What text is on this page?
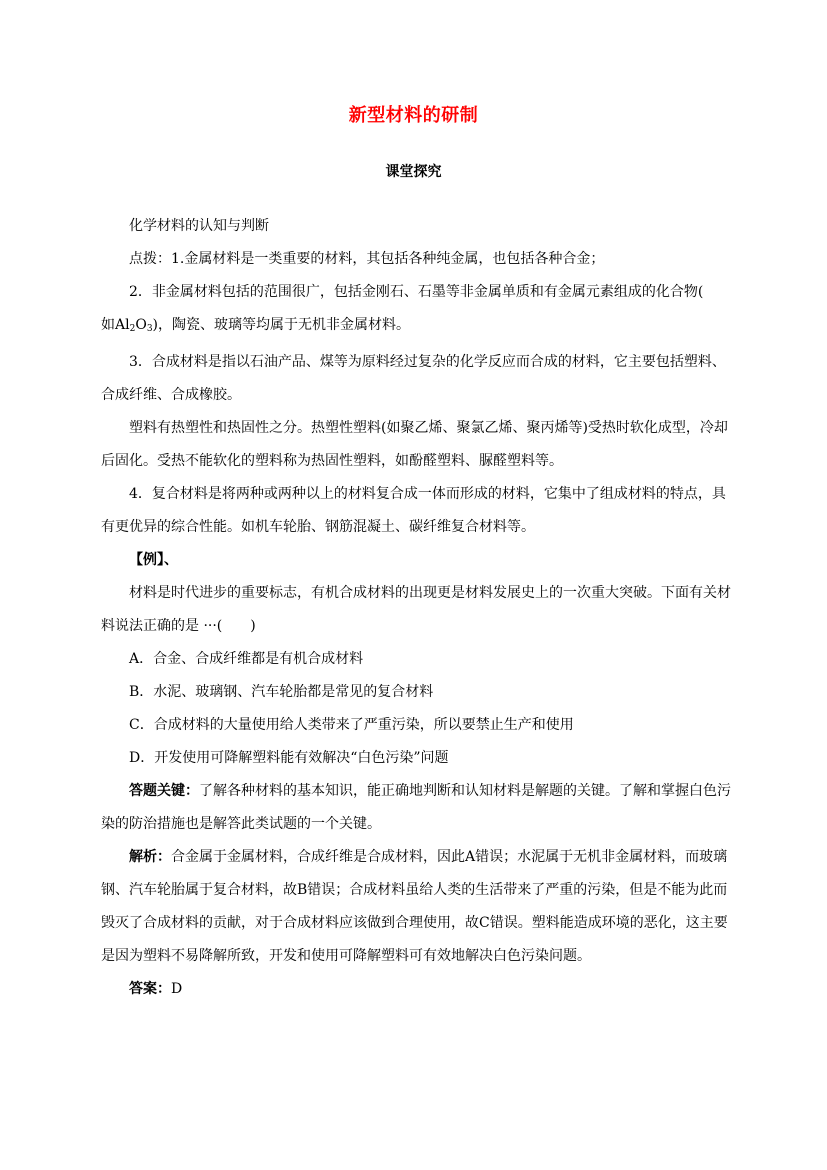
新型材料的研制
课堂探究

化学材料的认知与判断

点拨：1.金属材料是一类重要的材料，其包括各种纯金属，也包括各种合金；

2．非金属材料包括的范围很广，包括金刚石、石墨等非金属单质和有金属元素组成的化合物(
如$Al_2O_3$)，陶瓷、玻璃等均属于无机非金属材料。

3．合成材料是指以石油产品、煤等为原料经过复杂的化学反应而合成的材料，它主要包括塑料、合成纤维、合成橡胶。

塑料有热塑性和热固性之分。热塑性塑料(如聚乙烯、聚氯乙烯、聚丙烯等)受热时软化成型，冷却后固化。受热不能软化的塑料称为热固性塑料，如酚醛塑料、脲醛塑料等。

4．复合材料是将两种或两种以上的材料复合成一体而形成的材料，它集中了组成材料的特点，具有更优异的综合性能。如机车轮胎、钢筋混凝土、碳纤维复合材料等。

【例】、

材料是时代进步的重要标志，有机合成材料的出现更是材料发展史上的一次重大突破。下面有关材料说法正确的是 ···(　　)

A．合金、合成纤维都是有机合成材料

B．水泥、玻璃钢、汽车轮胎都是常见的复合材料

C．合成材料的大量使用给人类带来了严重污染，所以要禁止生产和使用

D．开发使用可降解塑料能有效解决“白色污染”问题

答题关键：了解各种材料的基本知识，能正确地判断和认知材料是解题的关键。了解和掌握白色污染的防治措施也是解答此类试题的一个关键。

解析：合金属于金属材料，合成纤维是合成材料，因此A错误；水泥属于无机非金属材料，而玻璃钢、汽车轮胎属于复合材料，故B错误；合成材料虽给人类的生活带来了严重的污染，但是不能为此而毁灭了合成材料的贡献，对于合成材料应该做到合理使用，故C错误。塑料能造成环境的恶化，这主要是因为塑料不易降解所致，开发和使用可降解塑料可有效地解决白色污染问题。

答案：D
